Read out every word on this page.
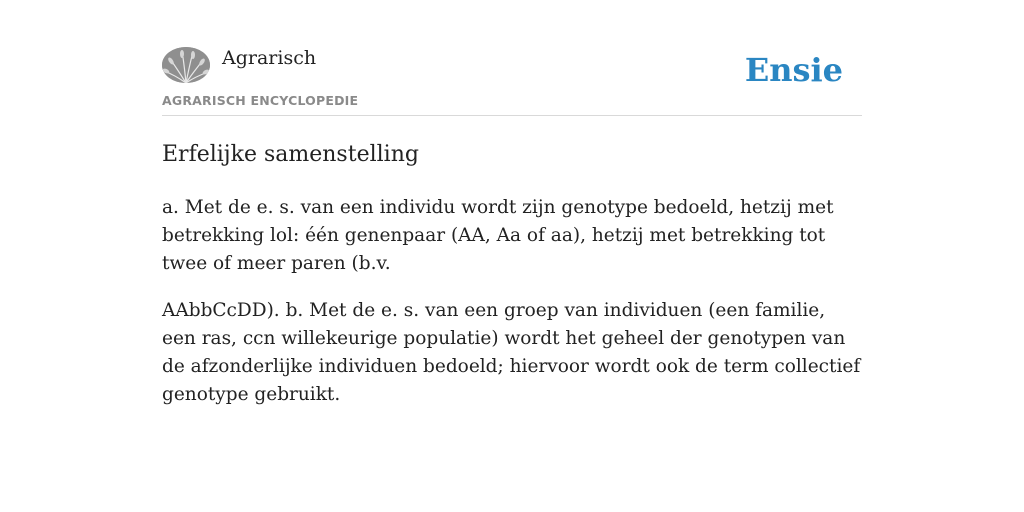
Agrarisch
AGRARISCH ENCYCLOPEDIE
Ensie
Erfelijke samenstelling

a. Met de e. s. van een individu wordt zijn genotype bedoeld, hetzij met betrekking lol: één genenpaar (AA, Aa of aa), hetzij met betrekking tot twee of meer paren (b.v.

AAbbCcDD). b. Met de e. s. van een groep van individuen (een familie, een ras, ccn willekeurige populatie) wordt het geheel der genotypen van de afzonderlijke individuen bedoeld; hiervoor wordt ook de term collectief genotype gebruikt.
